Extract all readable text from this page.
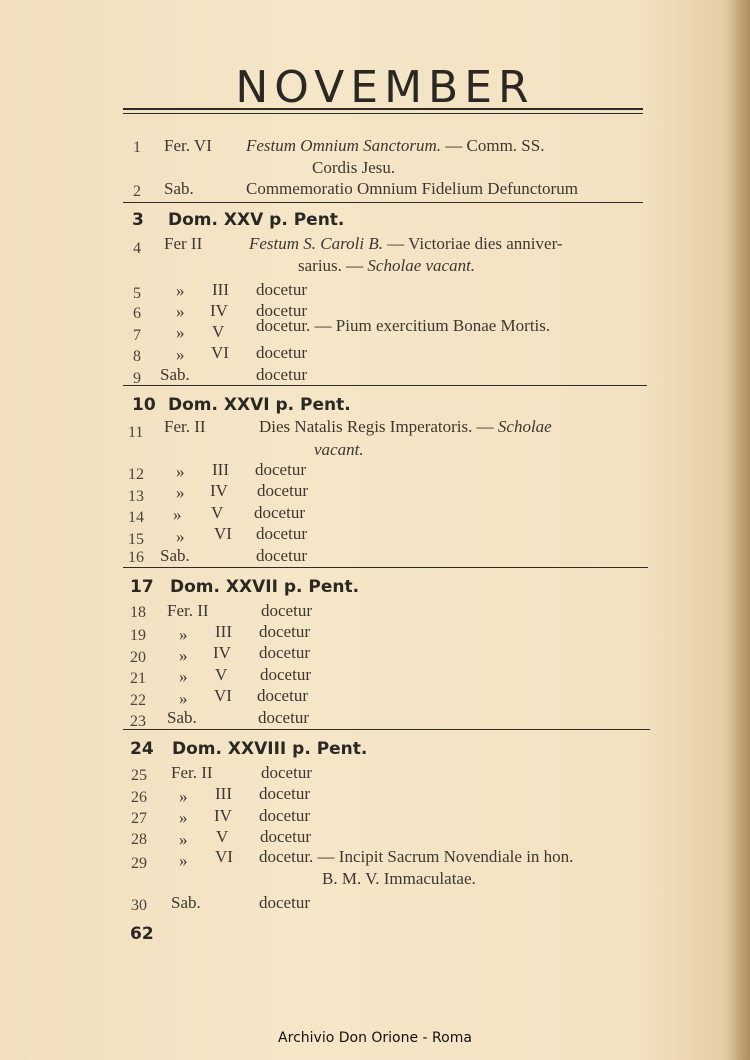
NOVEMBER
1 Fer. VI Festum Omnium Sanctorum. — Comm. SS.
Cordis Jesu.
2 Sab.	Commemoratio Omnium Fidelium Defunctorum
3 Dom. XXV p. Pent.
4 Fer II	Festum S. Caroli B. — Victoriae dies anniver-
sarius. — Scholae vacant.
5 » III docetur
6 » IV docetur
7 » V docetur. — Pium exercitium Bonae Mortis.
8 » VI docetur
9 Sab.	docetur
10 Dom. XXVI p. Pent.
11 Fer. II	Dies Natalis Regis Imperatoris. — Scholae
vacant.
12 » III docetur
13 » IV docetur
14 » V docetur
15 » VI docetur
16 Sab.	docetur
17 Dom. XXVII p. Pent.
18 Fer. II	docetur
19 » III docetur
20 » IV docetur
21 » V docetur
22 » VI docetur
23 Sab.	docetur
24 Dom. XXVIII p. Pent.
25 Fer. II	docetur
26 » III docetur
27 » IV docetur
28 » V docetur
29 » VI docetur. — Incipit Sacrum Novendiale in hon.
B. M. V. Immaculatae.
30 Sab.	docetur
62
Archivio Don Orione - Roma
